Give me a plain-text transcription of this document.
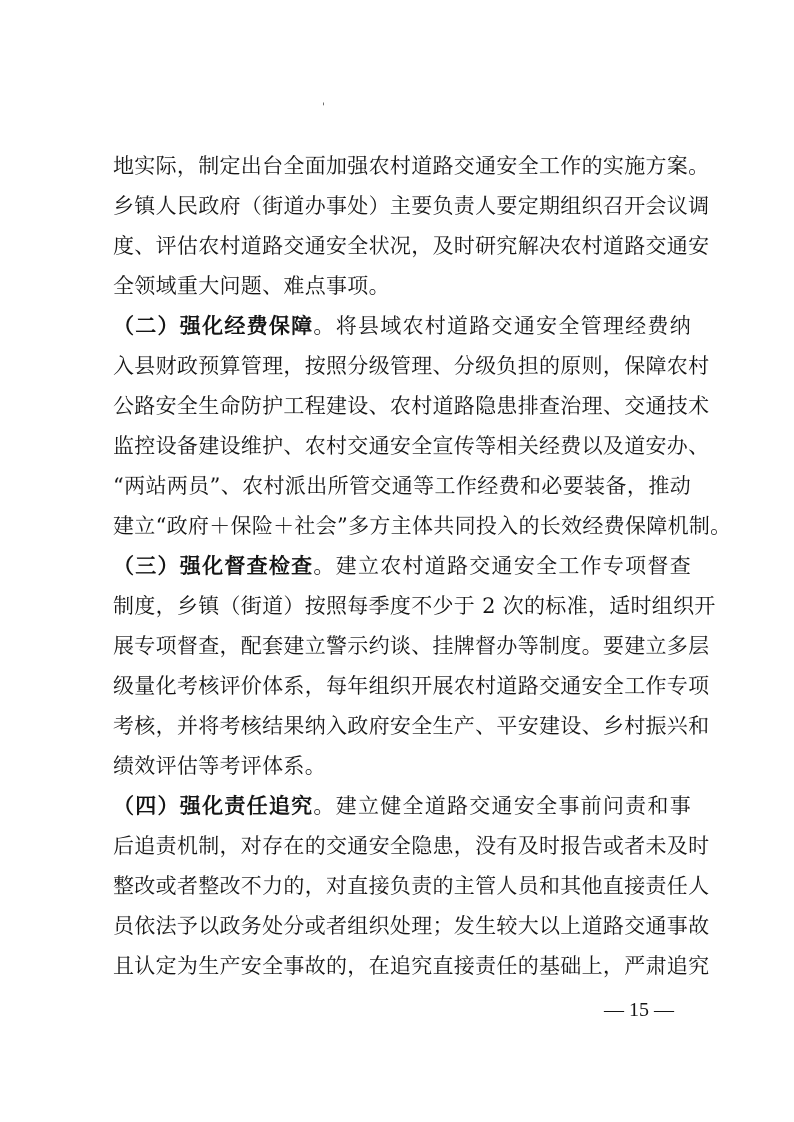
'
地实际，制定出台全面加强农村道路交通安全工作的实施方案。
乡镇人民政府（街道办事处）主要负责人要定期组织召开会议调
度、评估农村道路交通安全状况，及时研究解决农村道路交通安
全领域重大问题、难点事项。
（二）强化经费保障。将县域农村道路交通安全管理经费纳
入县财政预算管理，按照分级管理、分级负担的原则，保障农村
公路安全生命防护工程建设、农村道路隐患排查治理、交通技术
监控设备建设维护、农村交通安全宣传等相关经费以及道安办、
“两站两员”、农村派出所管交通等工作经费和必要装备，推动
建立“政府＋保险＋社会”多方主体共同投入的长效经费保障机制。
（三）强化督查检查。建立农村道路交通安全工作专项督查
制度，乡镇（街道）按照每季度不少于 2 次的标准，适时组织开
展专项督查，配套建立警示约谈、挂牌督办等制度。要建立多层
级量化考核评价体系，每年组织开展农村道路交通安全工作专项
考核，并将考核结果纳入政府安全生产、平安建设、乡村振兴和
绩效评估等考评体系。
（四）强化责任追究。建立健全道路交通安全事前问责和事
后追责机制，对存在的交通安全隐患，没有及时报告或者未及时
整改或者整改不力的，对直接负责的主管人员和其他直接责任人
员依法予以政务处分或者组织处理；发生较大以上道路交通事故
且认定为生产安全事故的，在追究直接责任的基础上，严肃追究
— 15 —
